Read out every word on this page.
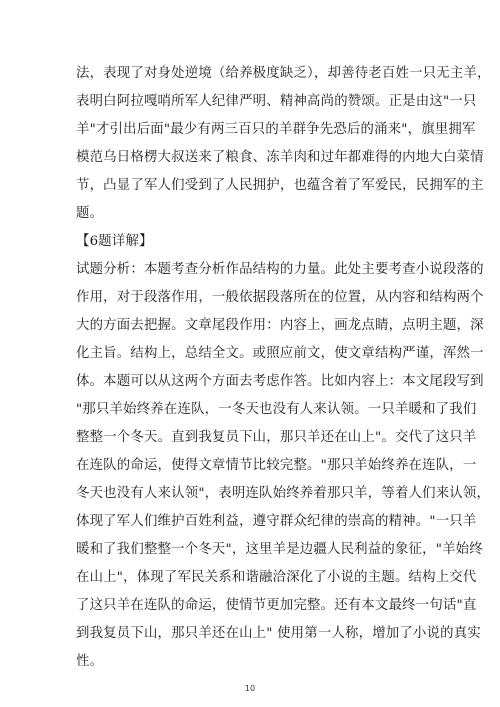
法，表现了对身处逆境（给养极度缺乏），却善待老百姓一只无主羊，
表明白阿拉嘎哨所军人纪律严明、精神高尚的赞颂。正是由这"一只
羊"才引出后面"最少有两三百只的羊群争先恐后的涌来"，旗里拥军
模范乌日格楞大叔送来了粮食、冻羊肉和过年都难得的内地大白菜情
节，凸显了军人们受到了人民拥护，也蕴含着了军爱民，民拥军的主
题。
【6题详解】
试题分析：本题考查分析作品结构的力量。此处主要考查小说段落的
作用，对于段落作用，一般依据段落所在的位置，从内容和结构两个
大的方面去把握。文章尾段作用：内容上，画龙点睛，点明主题，深
化主旨。结构上，总结全文。或照应前文，使文章结构严谨，浑然一
体。本题可以从这两个方面去考虑作答。比如内容上：本文尾段写到
"那只羊始终养在连队，一冬天也没有人来认领。一只羊暖和了我们
整整一个冬天。直到我复员下山，那只羊还在山上"。交代了这只羊
在连队的命运，使得文章情节比较完整。"那只羊始终养在连队，一
冬天也没有人来认领"，表明连队始终养着那只羊，等着人们来认领，
体现了军人们维护百姓利益，遵守群众纪律的崇高的精神。"一只羊
暖和了我们整整一个冬天"，这里羊是边疆人民利益的象征，"羊始终
在山上"，体现了军民关系和谐融洽深化了小说的主题。结构上交代
了这只羊在连队的命运，使情节更加完整。还有本文最终一句话"直
到我复员下山，那只羊还在山上" 使用第一人称，增加了小说的真实
性。
10
